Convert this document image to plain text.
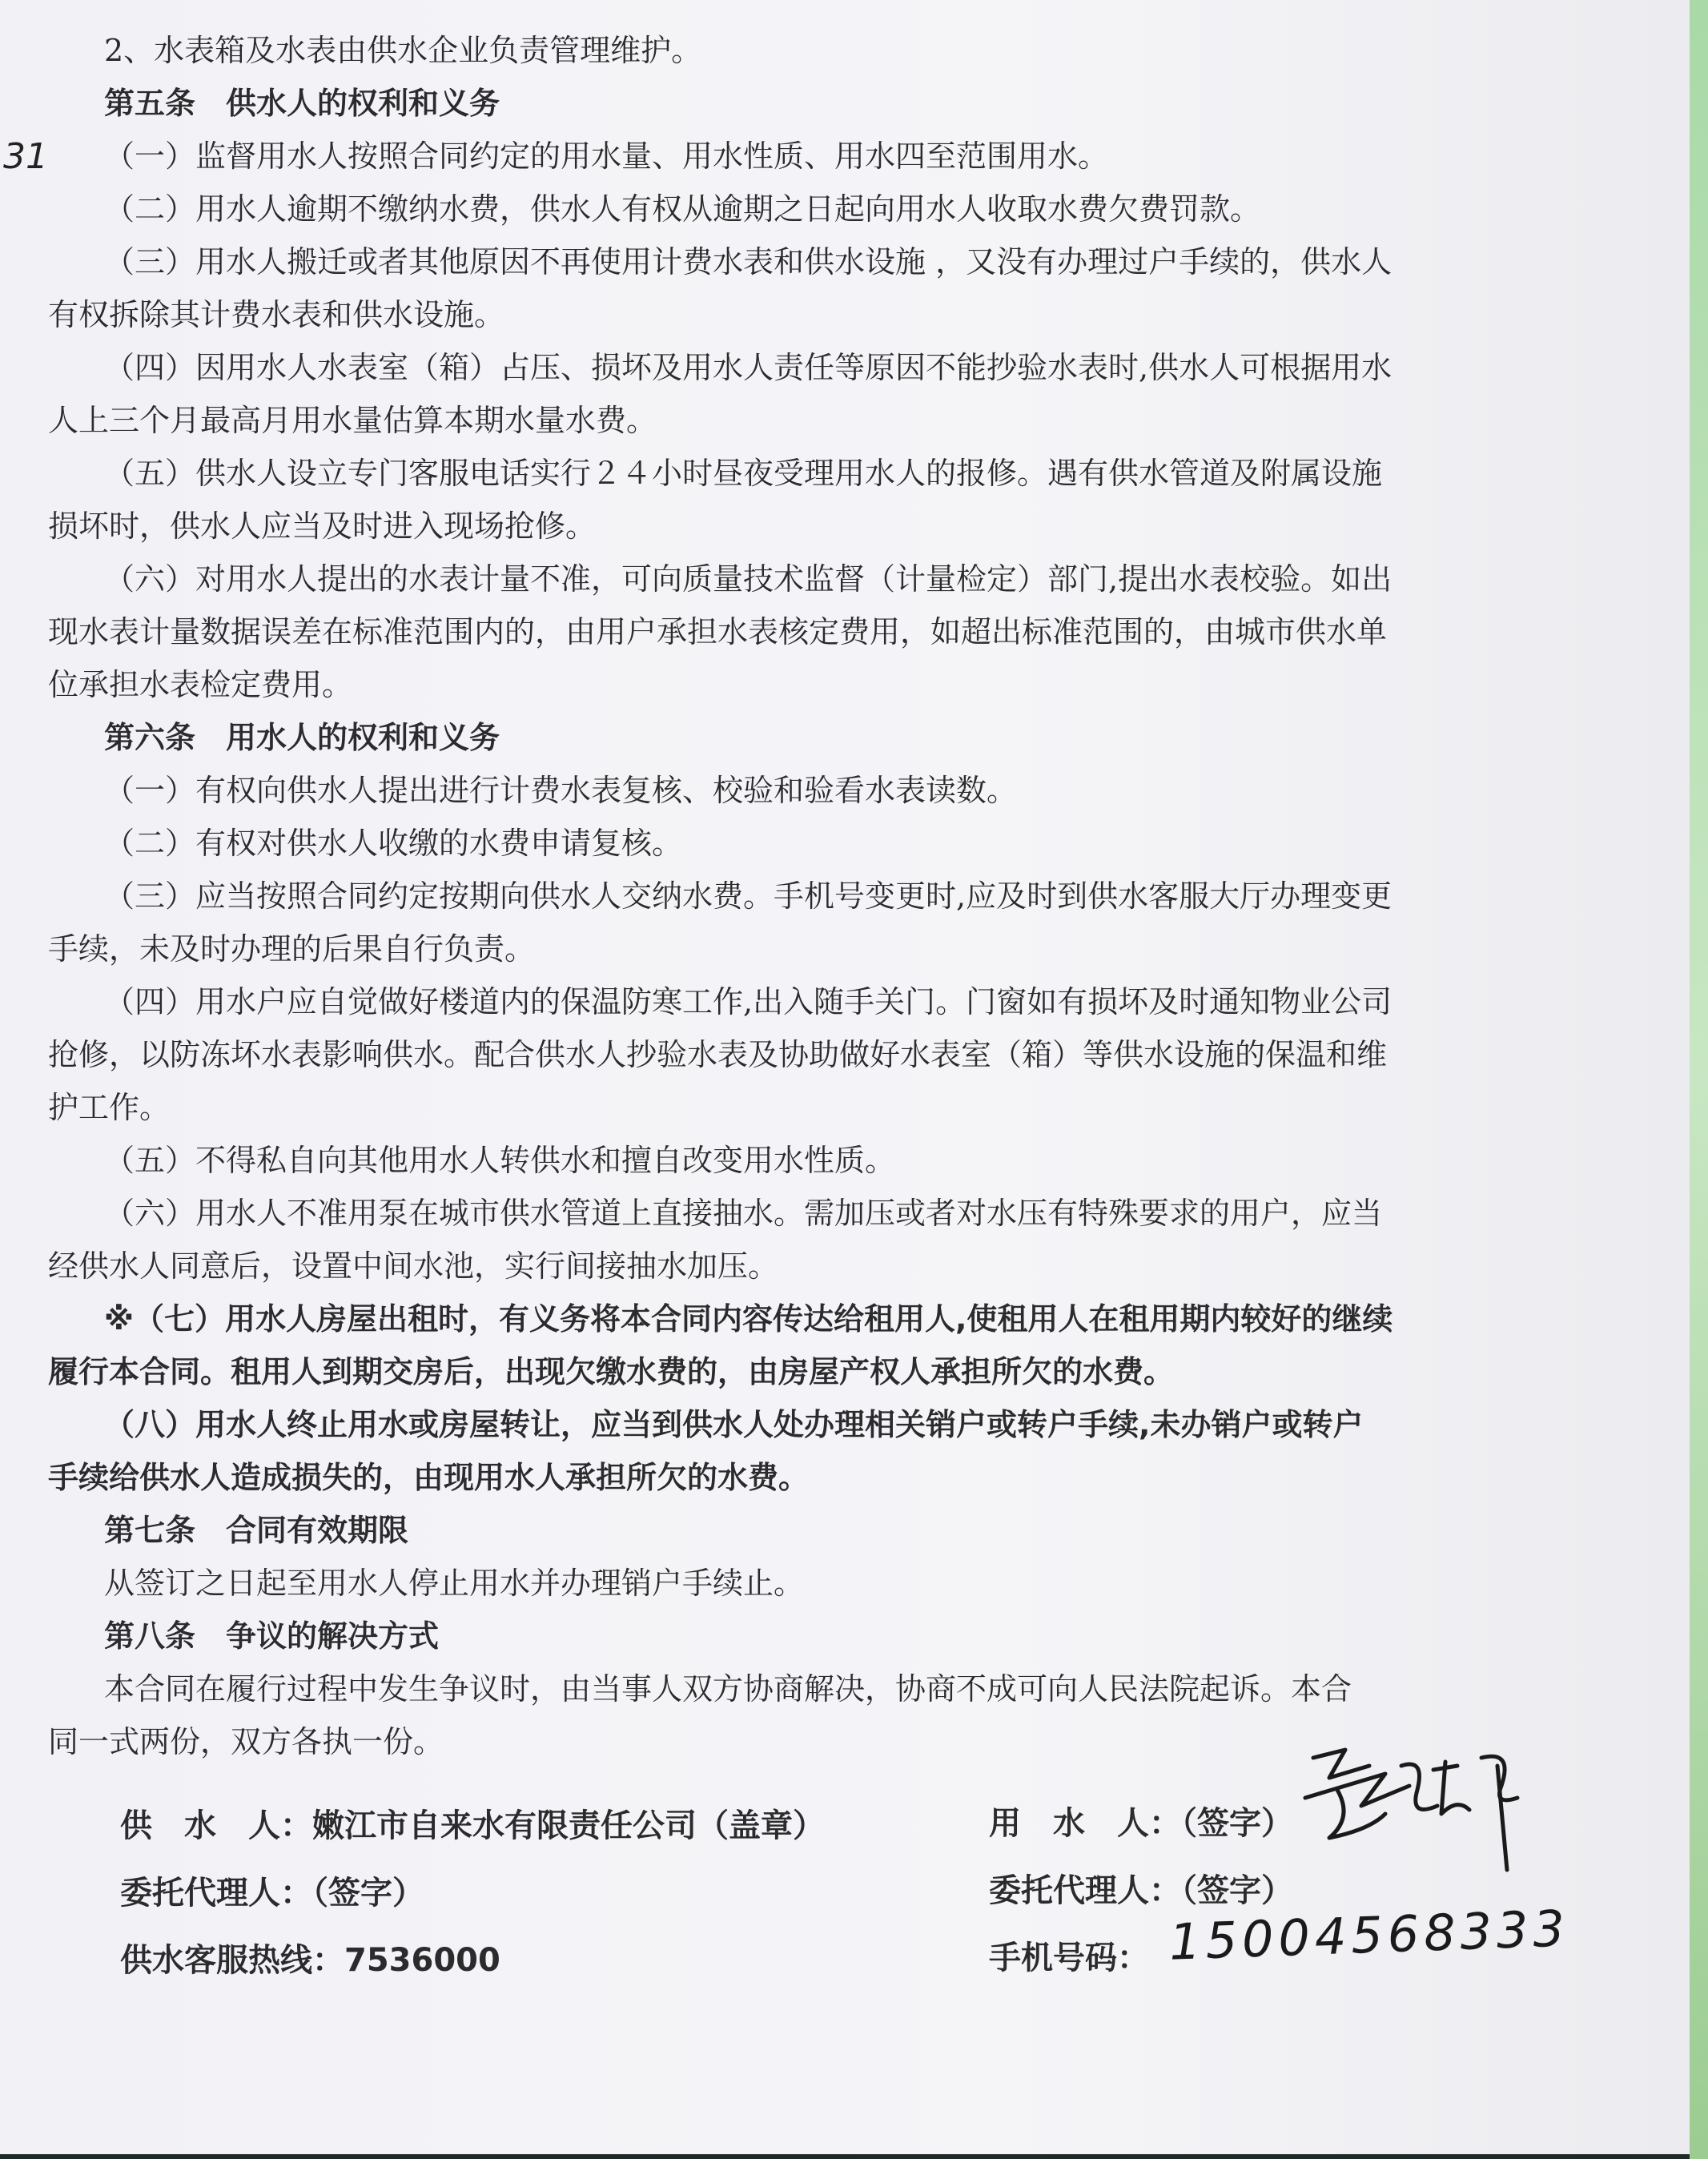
31

2、水表箱及水表由供水企业负责管理维护。

第五条　供水人的权利和义务

（一）监督用水人按照合同约定的用水量、用水性质、用水四至范围用水。

（二）用水人逾期不缴纳水费，供水人有权从逾期之日起向用水人收取水费欠费罚款。

（三）用水人搬迁或者其他原因不再使用计费水表和供水设施 ，又没有办理过户手续的，供水人

有权拆除其计费水表和供水设施。

（四）因用水人水表室（箱）占压、损坏及用水人责任等原因不能抄验水表时,供水人可根据用水

人上三个月最高月用水量估算本期水量水费。

（五）供水人设立专门客服电话实行２４小时昼夜受理用水人的报修。遇有供水管道及附属设施

损坏时，供水人应当及时进入现场抢修。

（六）对用水人提出的水表计量不准，可向质量技术监督（计量检定）部门,提出水表校验。如出

现水表计量数据误差在标准范围内的，由用户承担水表核定费用，如超出标准范围的，由城市供水单

位承担水表检定费用。

第六条　用水人的权利和义务

（一）有权向供水人提出进行计费水表复核、校验和验看水表读数。

（二）有权对供水人收缴的水费申请复核。

（三）应当按照合同约定按期向供水人交纳水费。手机号变更时,应及时到供水客服大厅办理变更

手续，未及时办理的后果自行负责。

（四）用水户应自觉做好楼道内的保温防寒工作,出入随手关门。门窗如有损坏及时通知物业公司

抢修，以防冻坏水表影响供水。配合供水人抄验水表及协助做好水表室（箱）等供水设施的保温和维

护工作。

（五）不得私自向其他用水人转供水和擅自改变用水性质。

（六）用水人不准用泵在城市供水管道上直接抽水。需加压或者对水压有特殊要求的用户，应当

经供水人同意后，设置中间水池，实行间接抽水加压。

※（七）用水人房屋出租时，有义务将本合同内容传达给租用人,使租用人在租用期内较好的继续

履行本合同。租用人到期交房后，出现欠缴水费的，由房屋产权人承担所欠的水费。

（八）用水人终止用水或房屋转让，应当到供水人处办理相关销户或转户手续,未办销户或转户

手续给供水人造成损失的，由现用水人承担所欠的水费。

第七条　合同有效期限

从签订之日起至用水人停止用水并办理销户手续止。

第八条　争议的解决方式

本合同在履行过程中发生争议时，由当事人双方协商解决，协商不成可向人民法院起诉。本合

同一式两份，双方各执一份。

供　水　人：嫩江市自来水有限责任公司（盖章）
委托代理人：（签字）
供水客服热线：7536000
用　水　人：（签字）
委托代理人：（签字）
手机号码： 15004568333
